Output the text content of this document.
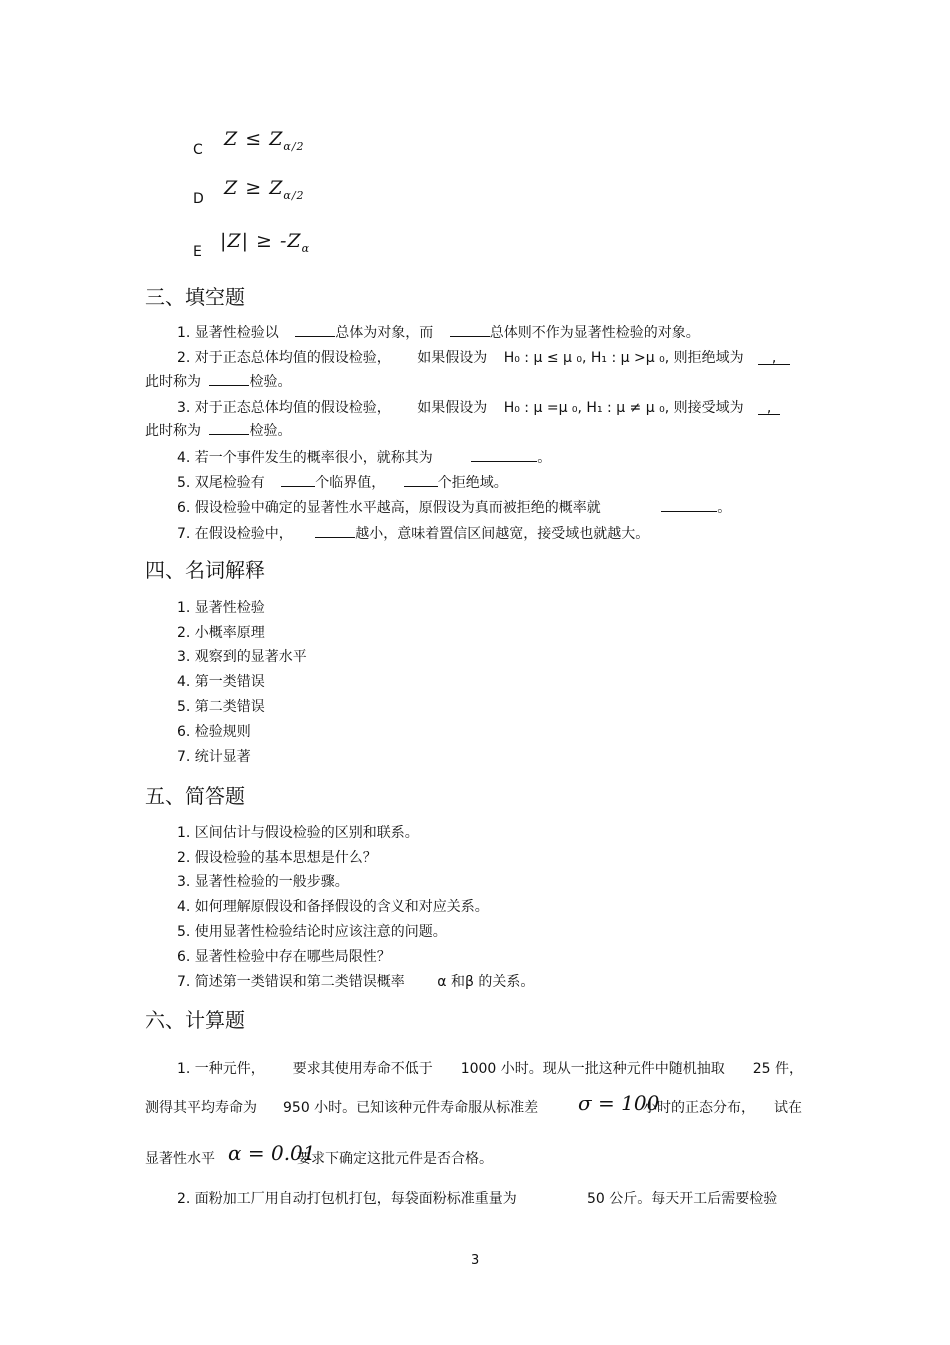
C $Z \le Z_{\alpha/2}$
D $Z \ge Z_{\alpha/2}$
E $|Z| \ge -Z_\alpha$
三、填空题
1. 显著性检验以	总体为对象，而	总体则不作为显著性检验的对象。
2. 对于正态总体均值的假设检验， 如果假设为 H₀ : μ ≤ μ ₀, H₁ : μ >μ ₀, 则拒绝域为 ,
此时称为	检验。
3. 对于正态总体均值的假设检验， 如果假设为 H₀ : μ =μ ₀, H₁ : μ ≠ μ ₀, 则接受域为 ,
此时称为	检验。
4. 若一个事件发生的概率很小，就称其为	。
5. 双尾检验有	个临界值，	个拒绝域。
6. 假设检验中确定的显著性水平越高，原假设为真而被拒绝的概率就	。
7. 在假设检验中，	越小，意味着置信区间越宽，接受域也就越大。
四、名词解释
1. 显著性检验
2. 小概率原理
3. 观察到的显著水平
4. 第一类错误
5. 第二类错误
6. 检验规则
7. 统计显著
五、简答题
1. 区间估计与假设检验的区别和联系。
2. 假设检验的基本思想是什么？
3. 显著性检验的一般步骤。
4. 如何理解原假设和备择假设的含义和对应关系。
5. 使用显著性检验结论时应该注意的问题。
6. 显著性检验中存在哪些局限性？
7. 简述第一类错误和第二类错误概率 α 和β 的关系。
六、计算题
1. 一种元件， 要求其使用寿命不低于 1000 小时。现从一批这种元件中随机抽取 25 件，
测得其平均寿命为 950 小时。已知该种元件寿命服从标准差 σ = 100
小时的正态分布， 试在
显著性水平 α = 0.01
要求下确定这批元件是否合格。
2. 面粉加工厂用自动打包机打包，每袋面粉标准重量为	50 公斤。每天开工后需要检验
3
